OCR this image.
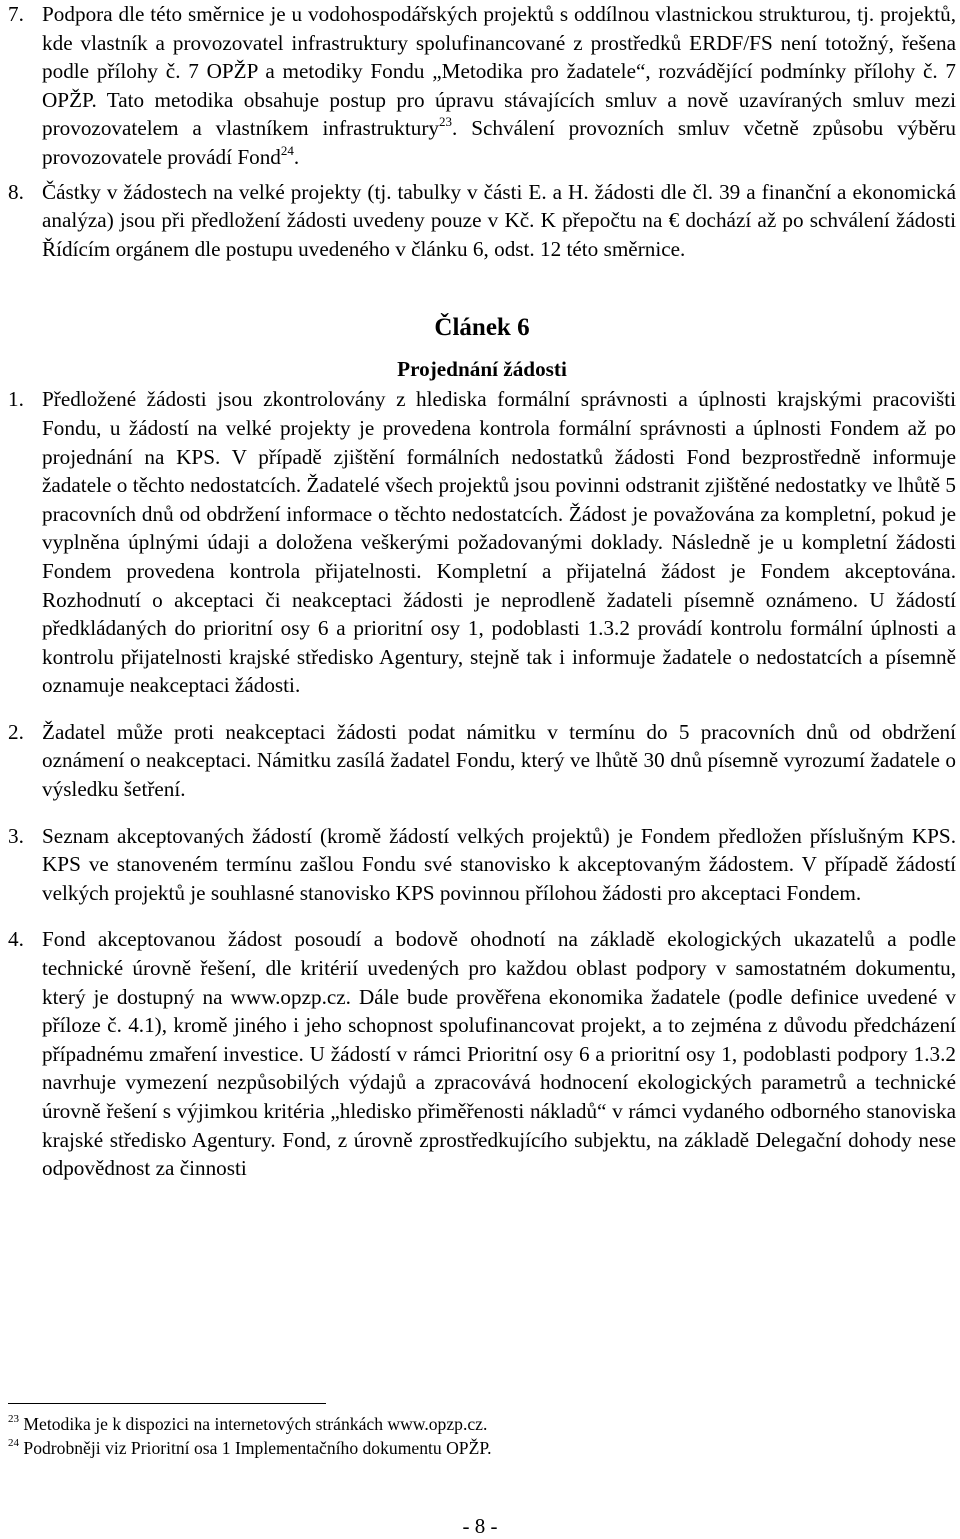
7. Podpora dle této směrnice je u vodohospodářských projektů s oddílnou vlastnickou strukturou, tj. projektů, kde vlastník a provozovatel infrastruktury spolufinancované z prostředků ERDF/FS není totožný, řešena podle přílohy č. 7 OPŽP a metodiky Fondu „Metodika pro žadatele“, rozvádějící podmínky přílohy č. 7 OPŽP. Tato metodika obsahuje postup pro úpravu stávajících smluv a nově uzavíraných smluv mezi provozovatelem a vlastníkem infrastruktury$^{23}$. Schválení provozních smluv včetně způsobu výběru provozovatele provádí Fond$^{24}$.

8. Částky v žádostech na velké projekty (tj. tabulky v části E. a H. žádosti dle čl. 39 a finanční a ekonomická analýza) jsou při předložení žádosti uvedeny pouze v Kč. K přepočtu na € dochází až po schválení žádosti Řídícím orgánem dle postupu uvedeného v článku 6, odst. 12 této směrnice.

Článek 6
Projednání žádosti
1. Předložené žádosti jsou zkontrolovány z hlediska formální správnosti a úplnosti krajskými pracovišti Fondu, u žádostí na velké projekty je provedena kontrola formální správnosti a úplnosti Fondem až po projednání na KPS. V případě zjištění formálních nedostatků žádosti Fond bezprostředně informuje žadatele o těchto nedostatcích. Žadatelé všech projektů jsou povinni odstranit zjištěné nedostatky ve lhůtě 5 pracovních dnů od obdržení informace o těchto nedostatcích. Žádost je považována za kompletní, pokud je vyplněna úplnými údaji a doložena veškerými požadovanými doklady. Následně je u kompletní žádosti Fondem provedena kontrola přijatelnosti. Kompletní a přijatelná žádost je Fondem akceptována. Rozhodnutí o akceptaci či neakceptaci žádosti je neprodleně žadateli písemně oznámeno. U žádostí předkládaných do prioritní osy 6 a prioritní osy 1, podoblasti 1.3.2 provádí kontrolu formální úplnosti a kontrolu přijatelnosti krajské středisko Agentury, stejně tak i informuje žadatele o nedostatcích a písemně oznamuje neakceptaci žádosti.

2. Žadatel může proti neakceptaci žádosti podat námitku v termínu do 5 pracovních dnů od obdržení oznámení o neakceptaci. Námitku zasílá žadatel Fondu, který ve lhůtě 30 dnů písemně vyrozumí žadatele o výsledku šetření.

3. Seznam akceptovaných žádostí (kromě žádostí velkých projektů) je Fondem předložen příslušným KPS. KPS ve stanoveném termínu zašlou Fondu své stanovisko k akceptovaným žádostem. V případě žádostí velkých projektů je souhlasné stanovisko KPS povinnou přílohou žádosti pro akceptaci Fondem.

4. Fond akceptovanou žádost posoudí a bodově ohodnotí na základě ekologických ukazatelů a podle technické úrovně řešení, dle kritérií uvedených pro každou oblast podpory v samostatném dokumentu, který je dostupný na www.opzp.cz. Dále bude prověřena ekonomika žadatele (podle definice uvedené v příloze č. 4.1), kromě jiného i jeho schopnost spolufinancovat projekt, a to zejména z důvodu předcházení případnému zmaření investice. U žádostí v rámci Prioritní osy 6 a prioritní osy 1, podoblasti podpory 1.3.2 navrhuje vymezení nezpůsobilých výdajů a zpracovává hodnocení ekologických parametrů a technické úrovně řešení s výjimkou kritéria „hledisko přiměřenosti nákladů“ v rámci vydaného odborného stanoviska krajské středisko Agentury. Fond, z úrovně zprostředkujícího subjektu, na základě Delegační dohody nese odpovědnost za činnosti

$^{23}$ Metodika je k dispozici na internetových stránkách www.opzp.cz.
$^{24}$ Podrobněji viz Prioritní osa 1 Implementačního dokumentu OPŽP.
- 8 -
